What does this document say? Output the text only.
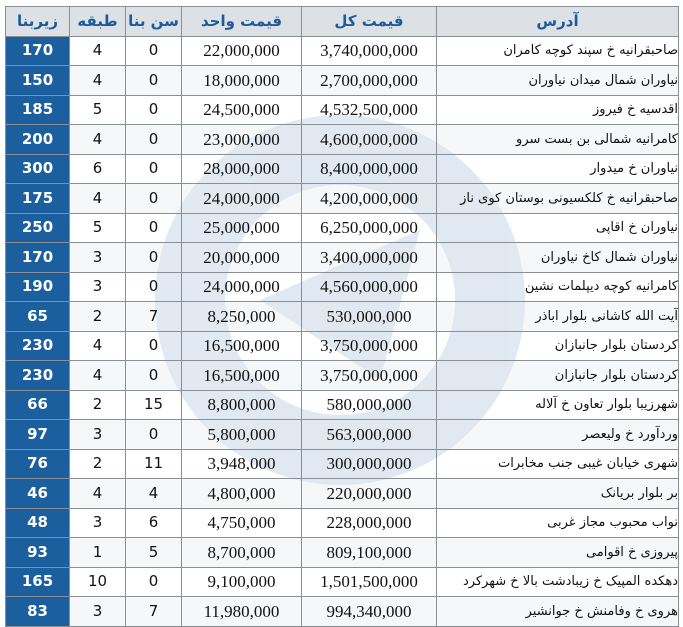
زیربنا	طبقه	سن بنا	قیمت واحد	قیمت کل	آدرس
170	4	0	22,000,000	3,740,000,000	صاحبقرانیه خ سپند کوچه کامران
150	4	0	18,000,000	2,700,000,000	نیاوران شمال میدان نیاوران
185	5	0	24,500,000	4,532,500,000	اقدسیه خ فیروز
200	4	0	23,000,000	4,600,000,000	کامرانیه شمالی بن بست سرو
300	6	0	28,000,000	8,400,000,000	نیاوران خ میدوار
175	4	0	24,000,000	4,200,000,000	صاحبقرانیه خ کلکسیونی بوستان کوی ناز
250	5	0	25,000,000	6,250,000,000	نیاوران خ اقاپی
170	3	0	20,000,000	3,400,000,000	نیاوران شمال کاخ نیاوران
190	3	0	24,000,000	4,560,000,000	کامرانیه کوچه دیپلمات نشین
65	2	7	8,250,000	530,000,000	آیت الله کاشانی بلوار اباذر
230	4	0	16,500,000	3,750,000,000	کردستان بلوار جانبازان
230	4	0	16,500,000	3,750,000,000	کردستان بلوار جانبازان
66	2	15	8,800,000	580,000,000	شهرزیبا بلوار تعاون خ آلاله
97	3	0	5,800,000	563,000,000	وردآورد خ ولیعصر
76	2	11	3,948,000	300,000,000	شهری خیابان غیبی جنب مخابرات
46	4	4	4,800,000	220,000,000	بر بلوار بریانک
48	3	6	4,750,000	228,000,000	نواب محبوب مجاز غربی
93	1	5	8,700,000	809,100,000	پیروزی خ اقوامی
165	10	0	9,100,000	1,501,500,000	دهکده المپیک خ زیبادشت بالا خ شهرکرد
83	3	7	11,980,000	994,340,000	هروی خ وفامنش خ جوانشیر
